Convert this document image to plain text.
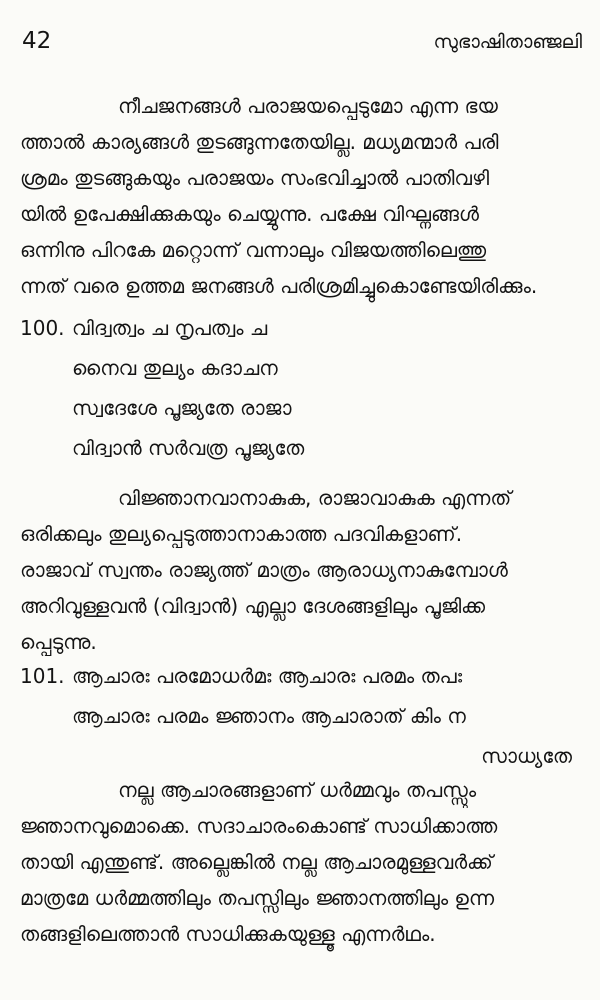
42	സുഭാഷിതാഞ്ജലി
നീചജനങ്ങൾ പരാജയപ്പെടുമോ എന്ന ഭയ
ത്താൽ കാര്യങ്ങൾ തുടങ്ങുന്നതേയില്ല. മധ്യമന്മാർ പരി
ശ്രമം തുടങ്ങുകയും പരാജയം സംഭവിച്ചാൽ പാതിവഴി
യിൽ ഉപേക്ഷിക്കുകയും ചെയ്യുന്നു. പക്ഷേ വിഘ്നങ്ങൾ
ഒന്നിനു പിറകേ മറ്റൊന്ന് വന്നാലും വിജയത്തിലെത്തു
ന്നത് വരെ ഉത്തമ ജനങ്ങൾ പരിശ്രമിച്ചുകൊണ്ടേയിരിക്കും.
100. വിദ്വത്വം ച നൃപത്വം ച
നൈവ തുല്യം കദാചന
സ്വദേശേ പൂജ്യതേ രാജാ
വിദ്വാൻ സർവത്ര പൂജ്യതേ
വിജ്ഞാനവാനാകുക, രാജാവാകുക എന്നത്
ഒരിക്കലും തുല്യപ്പെടുത്താനാകാത്ത പദവികളാണ്.
രാജാവ് സ്വന്തം രാജ്യത്ത് മാത്രം ആരാധ്യനാകുമ്പോൾ
അറിവുള്ളവൻ (വിദ്വാൻ) എല്ലാ ദേശങ്ങളിലും പൂജിക്ക
പ്പെടുന്നു.
101. ആചാരഃ പരമോധർമഃ ആചാരഃ പരമം തപഃ
ആചാരഃ പരമം ജ്ഞാനം ആചാരാത് കിം ന
സാധ്യതേ
നല്ല ആചാരങ്ങളാണ് ധർമ്മവും തപസ്സും
ജ്ഞാനവുമൊക്കെ. സദാചാരംകൊണ്ട് സാധിക്കാത്ത
തായി എന്തുണ്ട്. അല്ലെങ്കിൽ നല്ല ആചാരമുള്ളവർക്ക്
മാത്രമേ ധർമ്മത്തിലും തപസ്സിലും ജ്ഞാനത്തിലും ഉന്ന
തങ്ങളിലെത്താൻ സാധിക്കുകയുള്ളൂ എന്നർഥം.
